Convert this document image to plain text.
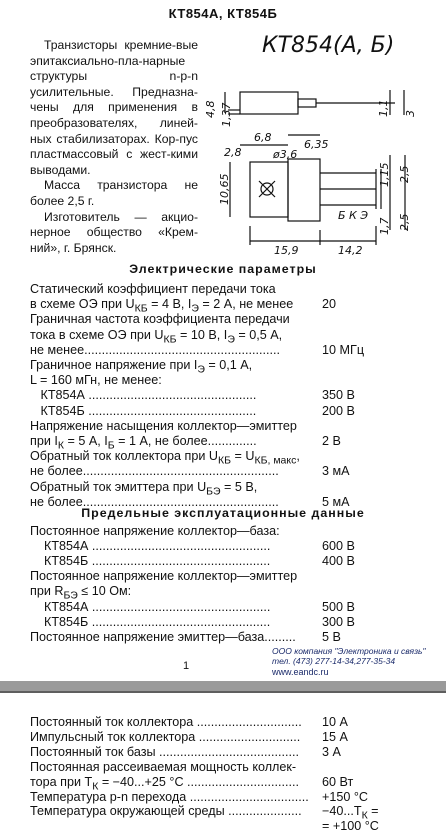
КТ854А, КТ854Б

Транзисторы кремние-вые эпитаксиально-пла-нарные структуры n-p-n усилительные. Предназна-чены для применения в преобразователях, линей-ных стабилизаторах. Кор-пус пластмассовый с жест-кими выводами.

Масса транзистора не более 2,5 г.

Изготовитель — акцио-нерное общество «Крем-ний», г. Брянск.

КТ854(А, Б)
4,8 1,37	1,1 3
6,8
6,35
2,8	ø3,6
10,65	1,15 2,5
1,7 2,5
15,9	14,2
Б К Э
Электрические параметры
Статический коэффициент передачи тока
в схеме ОЭ при $U_{КБ} = 4$ В, $I_Э = 2$ А, не менее 20
Граничная частота коэффициента передачи
тока в схеме ОЭ при $U_{КБ} = 10$ В, $I_Э = 0,5$ А,
не менее........................................................	10 МГц
Граничное напряжение при $I_Э = 0,1$ А,
L = 160 мГн, не менее:
КТ854А ................................................	350 В
КТ854Б ................................................	200 В
Напряжение насыщения коллектор—эмиттер
при $I_К = 5$ А, $I_Б = 1$ А, не более..............	2 В
Обратный ток коллектора при $U_{КБ} = U_{КБ, макс}$,
не более........................................................	3 мА
Обратный ток эмиттера при $U_{БЭ} = 5$ В,
не более........................................................	5 мА
Предельные эксплуатационные данные
Постоянное напряжение коллектор—база:
КТ854А ...................................................	600 В
КТ854Б ...................................................	400 В
Постоянное напряжение коллектор—эмиттер
при $R_{БЭ} \le 10$ Ом:
КТ854А ...................................................	500 В
КТ854Б ...................................................	300 В
Постоянное напряжение эмиттер—база......... 5 В
ООО компания "Электроника и связь"
тел. (473) 277-14-34,277-35-34
www.eandc.ru
1
Постоянный ток коллектора .............................. 10 А
Импульсный ток коллектора ............................. 15 А
Постоянный ток базы ........................................ 3 А
Постоянная рассеиваемая мощность коллек-
тора при $T_К = -40...+25$ °С ................................ 60 Вт
Температура p-n перехода .................................. +150 °С
Температура окружающей среды ..................... $-40...T_К$ =
= +100 °С
